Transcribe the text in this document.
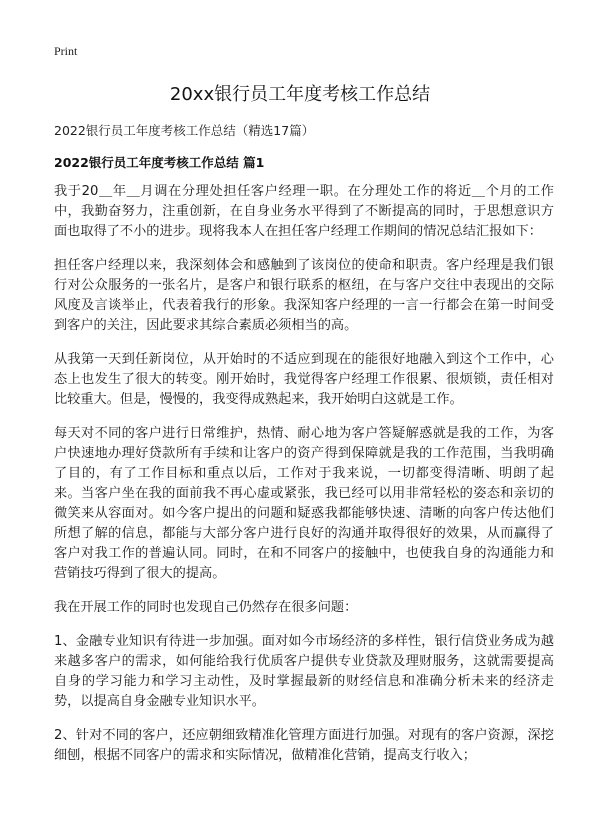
Print
20xx银行员工年度考核工作总结
2022银行员工年度考核工作总结（精选17篇）
2022银行员工年度考核工作总结 篇1

我于20＿年＿月调在分理处担任客户经理一职。在分理处工作的将近＿个月的工作中，我勤奋努力，注重创新，在自身业务水平得到了不断提高的同时，于思想意识方面也取得了不小的进步。现将我本人在担任客户经理工作期间的情况总结汇报如下：

担任客户经理以来，我深刻体会和感触到了该岗位的使命和职责。客户经理是我们银行对公众服务的一张名片，是客户和银行联系的枢纽，在与客户交往中表现出的交际风度及言谈举止，代表着我行的形象。我深知客户经理的一言一行都会在第一时间受到客户的关注，因此要求其综合素质必须相当的高。

从我第一天到任新岗位，从开始时的不适应到现在的能很好地融入到这个工作中，心态上也发生了很大的转变。刚开始时，我觉得客户经理工作很累、很烦锁，责任相对比较重大。但是，慢慢的，我变得成熟起来，我开始明白这就是工作。

每天对不同的客户进行日常维护，热情、耐心地为客户答疑解惑就是我的工作，为客户快速地办理好贷款所有手续和让客户的资产得到保障就是我的工作范围，当我明确了目的，有了工作目标和重点以后，工作对于我来说，一切都变得清晰、明朗了起来。当客户坐在我的面前我不再心虚或紧张，我已经可以用非常轻松的姿态和亲切的微笑来从容面对。如今客户提出的问题和疑惑我都能够快速、清晰的向客户传达他们所想了解的信息，都能与大部分客户进行良好的沟通并取得很好的效果，从而赢得了客户对我工作的普遍认同。同时，在和不同客户的接触中，也使我自身的沟通能力和营销技巧得到了很大的提高。

我在开展工作的同时也发现自己仍然存在很多问题：

1、金融专业知识有待进一步加强。面对如今市场经济的多样性，银行信贷业务成为越来越多客户的需求，如何能给我行优质客户提供专业贷款及理财服务，这就需要提高自身的学习能力和学习主动性，及时掌握最新的财经信息和准确分析未来的经济走势，以提高自身金融专业知识水平。

2、针对不同的客户，还应朝细致精准化管理方面进行加强。对现有的客户资源，深挖细刨，根据不同客户的需求和实际情况，做精准化营销，提高支行收入；
